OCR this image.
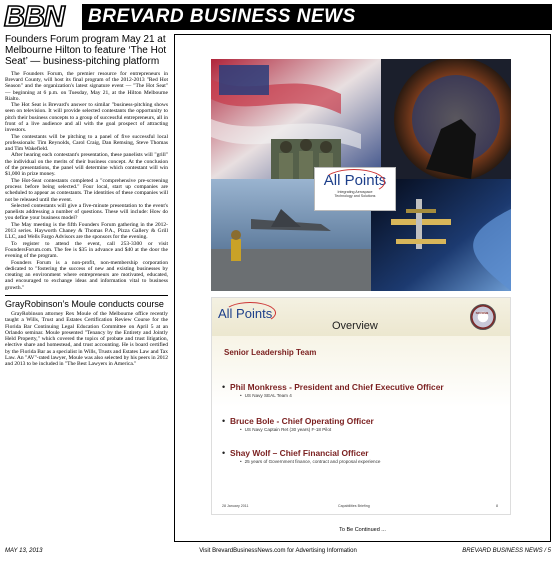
BBN	BREVARD BUSINESS NEWS
Founders Forum program May 21 at Melbourne Hilton to feature ‘The Hot Seat’ — business-pitching platform

The Founders Forum, the premier resource for entrepreneurs in Brevard County, will host its final program of the 2012-2013 "Red Hot Season" and the organization's latest signature event — "The Hot Seat" — beginning at 6 p.m. on Tuesday, May 21, at the Hilton Melbourne Rialto.

The Hot Seat is Brevard's answer to similar "business-pitching shows seen on television. It will provide selected contestants the opportunity to pitch their business concepts to a group of successful entrepreneurs, all in front of a live audience and all with the goal prospect of attracting investors.

The contestants will be pitching to a panel of five successful local professionals: Tim Reynolds, Carol Craig, Dan Remsing, Steve Thomas and Tim Wakefield.

After hearing each contestant's presentation, these panelists will "grill" the individual on the merits of their business concept. At the conclusion of the presentations, the panel will determine which contestant will win $1,000 in prize money.

The Hot-Seat contestants completed a "comprehensive pre-screening process before being selected." Four local, start up companies are scheduled to appear as contestants. The identities of these companies will not be released until the event.

Selected contestants will give a five-minute presentation to the event's panelists addressing a number of questions. These will include: How do you define your business model?

The May meeting is the fifth Founders Forum gathering in the 2012-2013 series. Hayworth Chaney & Thomas P.A., Pizza Gallery & Grill LLC, and Wells Fargo Advisors are the sponsors for the evening.

To register to attend the event, call 253-3300 or visit FoundersForum.com. The fee is $35 in advance and $40 at the door the evening of the program.

Founders Forum is a non-profit, non-membership corporation dedicated to "fostering the success of new and existing businesses by creating an environment where entrepreneurs are motivated, educated, and encouraged to exchange ideas and information vital to business growth."

GrayRobinson’s Moule conducts course

GrayRobinson attorney Rex Moule of the Melbourne office recently taught a Wills, Trust and Estates Certification Review Course for the Florida Bar Continuing Legal Education Committee on April 5 at an Orlando seminar. Moule presented "Tenancy by the Entirety and Jointly Held Property," which covered the topics of probate and trust litigation, elective share and homestead, and trust accounting. He is board certified by the Florida Bar as a specialist in Wills, Trusts and Estates Law and Tax Law. An "AV"-rated lawyer, Moule was also selected by his peers in 2012 and 2013 to be included in "The Best Lawyers in America."

All Points
Integrating Aerospace
Technology and Solutions
All Points
Overview
SDVOSB
Senior Leadership Team
• Phil Monkress - President and Chief Executive Officer
• US Navy SEAL Team 4
• Bruce Bole - Chief Operating Officer
• US Navy Captain Ret (30 years) F-18 Pilot
• Shay Wolf – Chief Financial Officer
• 25 years of Government finance, contract and proposal experience
28 January 2011	Capabilities Briefing	8
To Be Continued ...
MAY 13, 2013	Visit BrevardBusinessNews.com for Advertising Information	BREVARD BUSINESS NEWS / 5
